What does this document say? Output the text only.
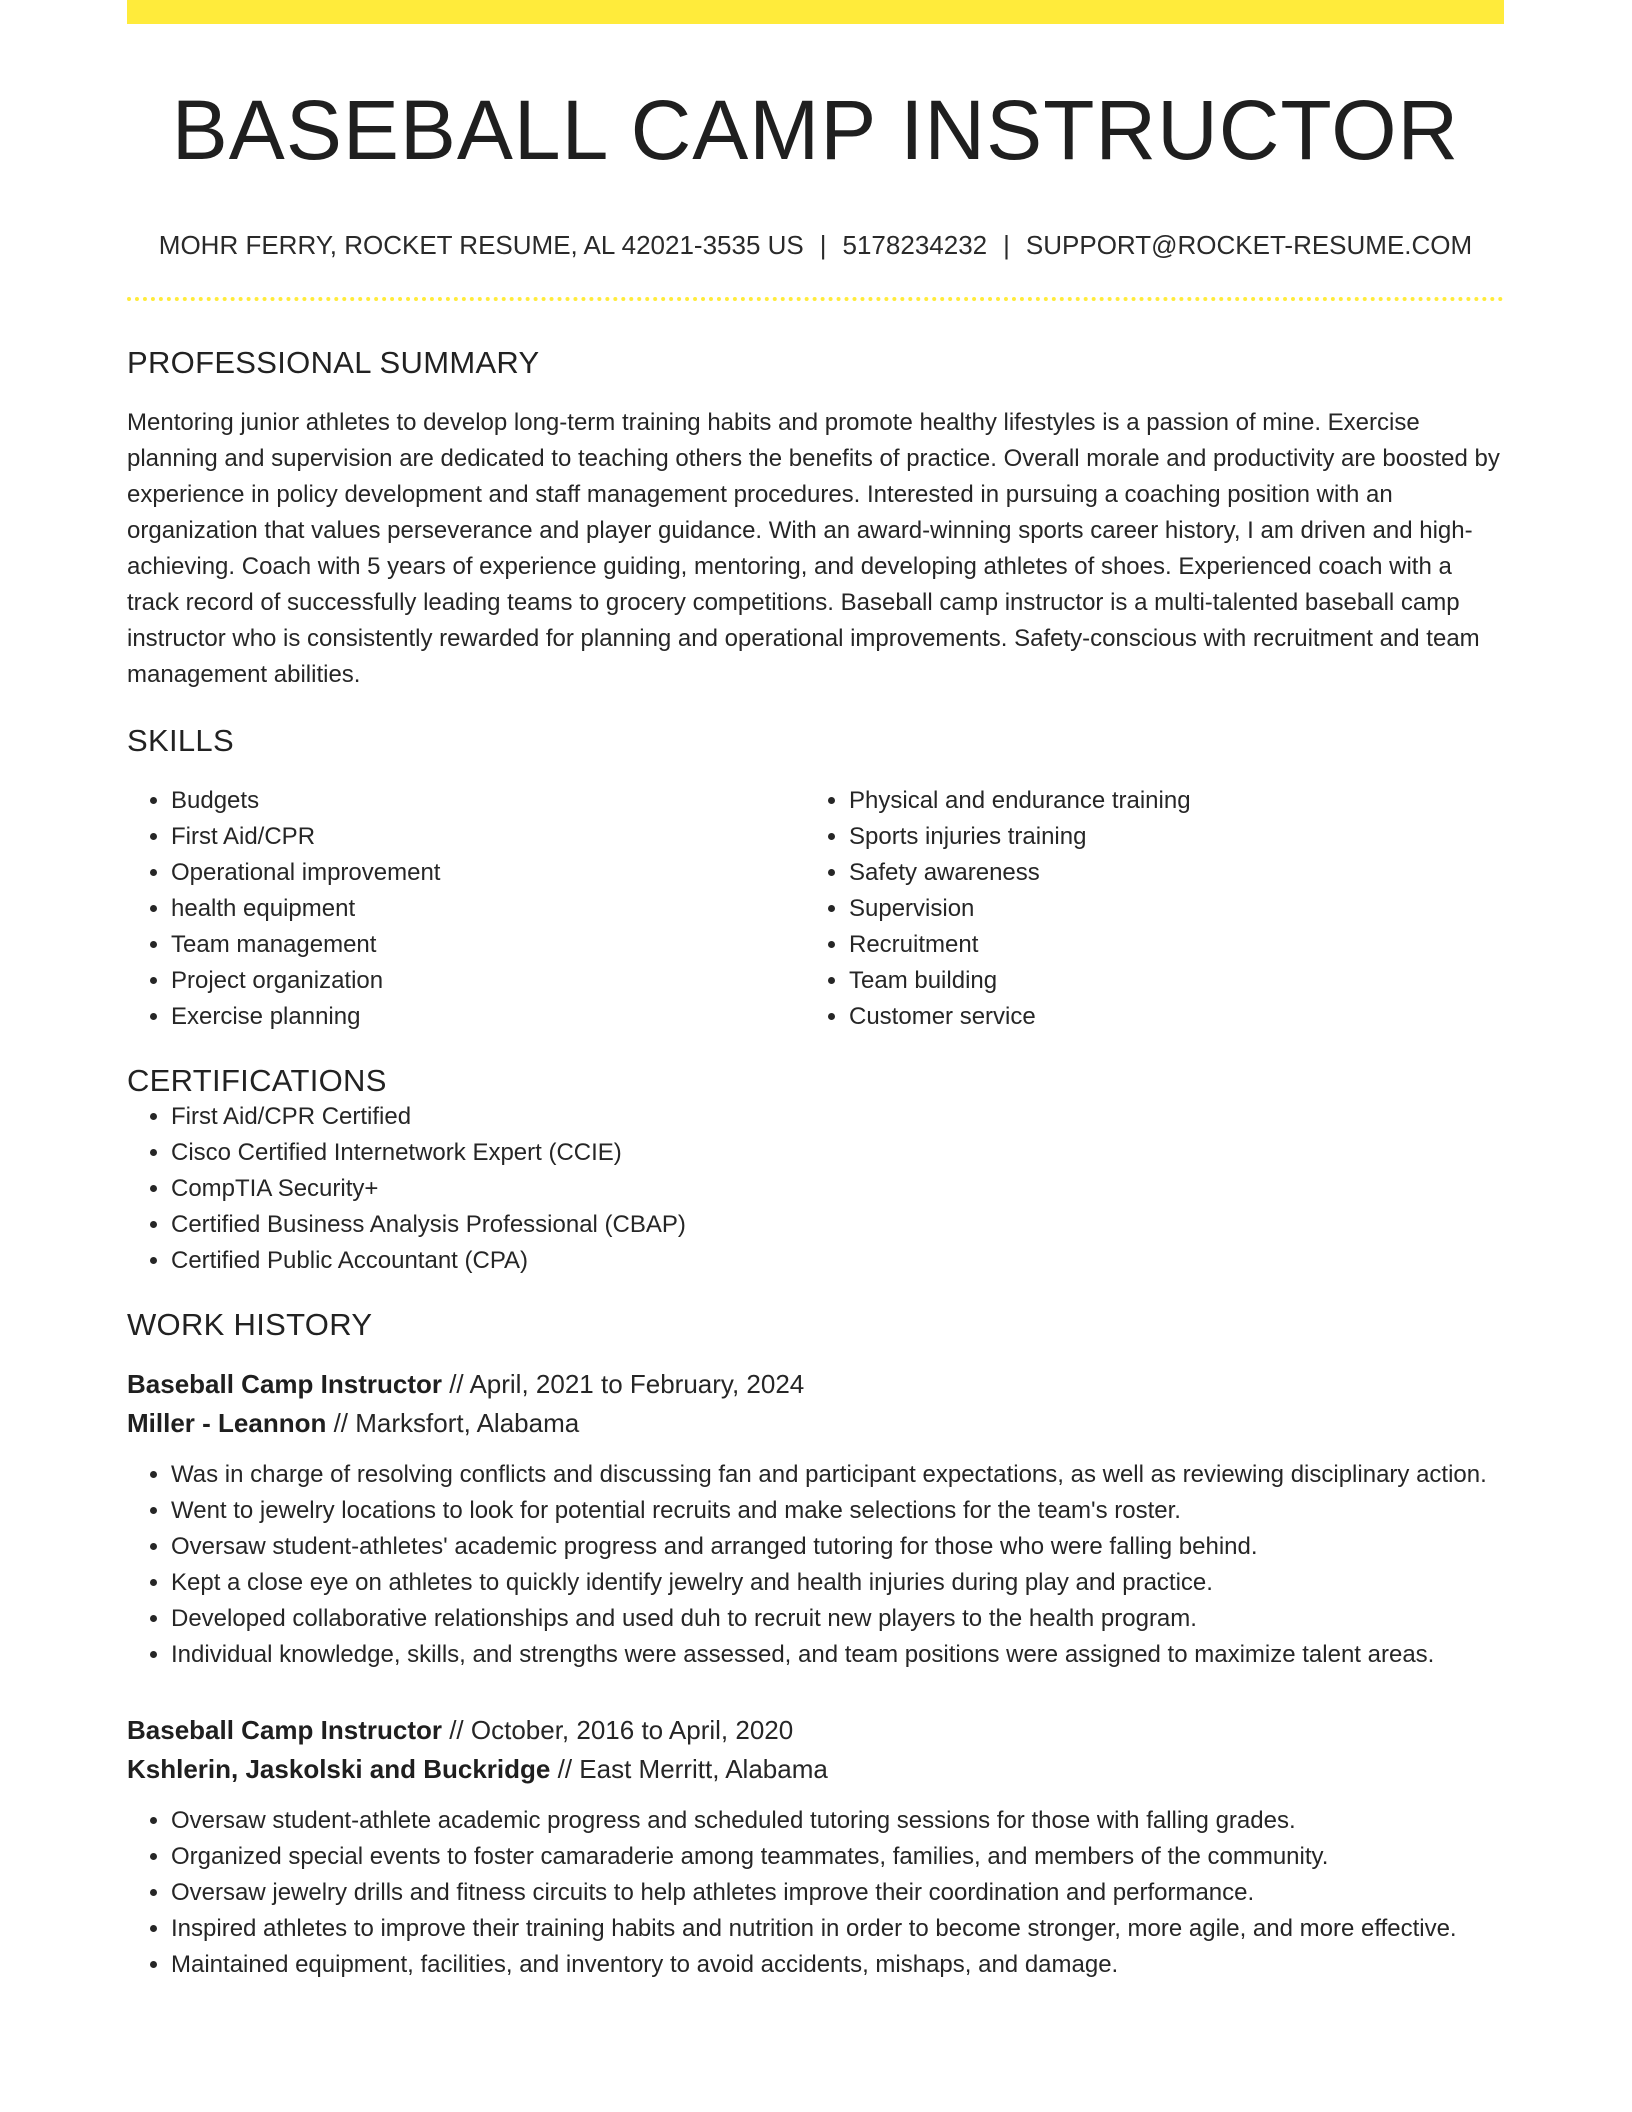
BASEBALL CAMP INSTRUCTOR
MOHR FERRY, ROCKET RESUME, AL 42021-3535 US | 5178234232 | SUPPORT@ROCKET-RESUME.COM
PROFESSIONAL SUMMARY

Mentoring junior athletes to develop long-term training habits and promote healthy lifestyles is a passion of mine. Exercise planning and supervision are dedicated to teaching others the benefits of practice. Overall morale and productivity are boosted by experience in policy development and staff management procedures. Interested in pursuing a coaching position with an organization that values perseverance and player guidance. With an award-winning sports career history, I am driven and high-achieving. Coach with 5 years of experience guiding, mentoring, and developing athletes of shoes. Experienced coach with a track record of successfully leading teams to grocery competitions. Baseball camp instructor is a multi-talented baseball camp instructor who is consistently rewarded for planning and operational improvements. Safety-conscious with recruitment and team management abilities.

SKILLS
• Budgets
• First Aid/CPR
• Operational improvement
• health equipment
• Team management
• Project organization
• Exercise planning
• Physical and endurance training
• Sports injuries training
• Safety awareness
• Supervision
• Recruitment
• Team building
• Customer service
CERTIFICATIONS
• First Aid/CPR Certified
• Cisco Certified Internetwork Expert (CCIE)
• CompTIA Security+
• Certified Business Analysis Professional (CBAP)
• Certified Public Accountant (CPA)
WORK HISTORY
Baseball Camp Instructor // April, 2021 to February, 2024
Miller - Leannon // Marksfort, Alabama
• Was in charge of resolving conflicts and discussing fan and participant expectations, as well as reviewing disciplinary action.
• Went to jewelry locations to look for potential recruits and make selections for the team's roster.
• Oversaw student-athletes' academic progress and arranged tutoring for those who were falling behind.
• Kept a close eye on athletes to quickly identify jewelry and health injuries during play and practice.
• Developed collaborative relationships and used duh to recruit new players to the health program.
• Individual knowledge, skills, and strengths were assessed, and team positions were assigned to maximize talent areas.
Baseball Camp Instructor // October, 2016 to April, 2020
Kshlerin, Jaskolski and Buckridge // East Merritt, Alabama
• Oversaw student-athlete academic progress and scheduled tutoring sessions for those with falling grades.
• Organized special events to foster camaraderie among teammates, families, and members of the community.
• Oversaw jewelry drills and fitness circuits to help athletes improve their coordination and performance.
• Inspired athletes to improve their training habits and nutrition in order to become stronger, more agile, and more effective.
• Maintained equipment, facilities, and inventory to avoid accidents, mishaps, and damage.
